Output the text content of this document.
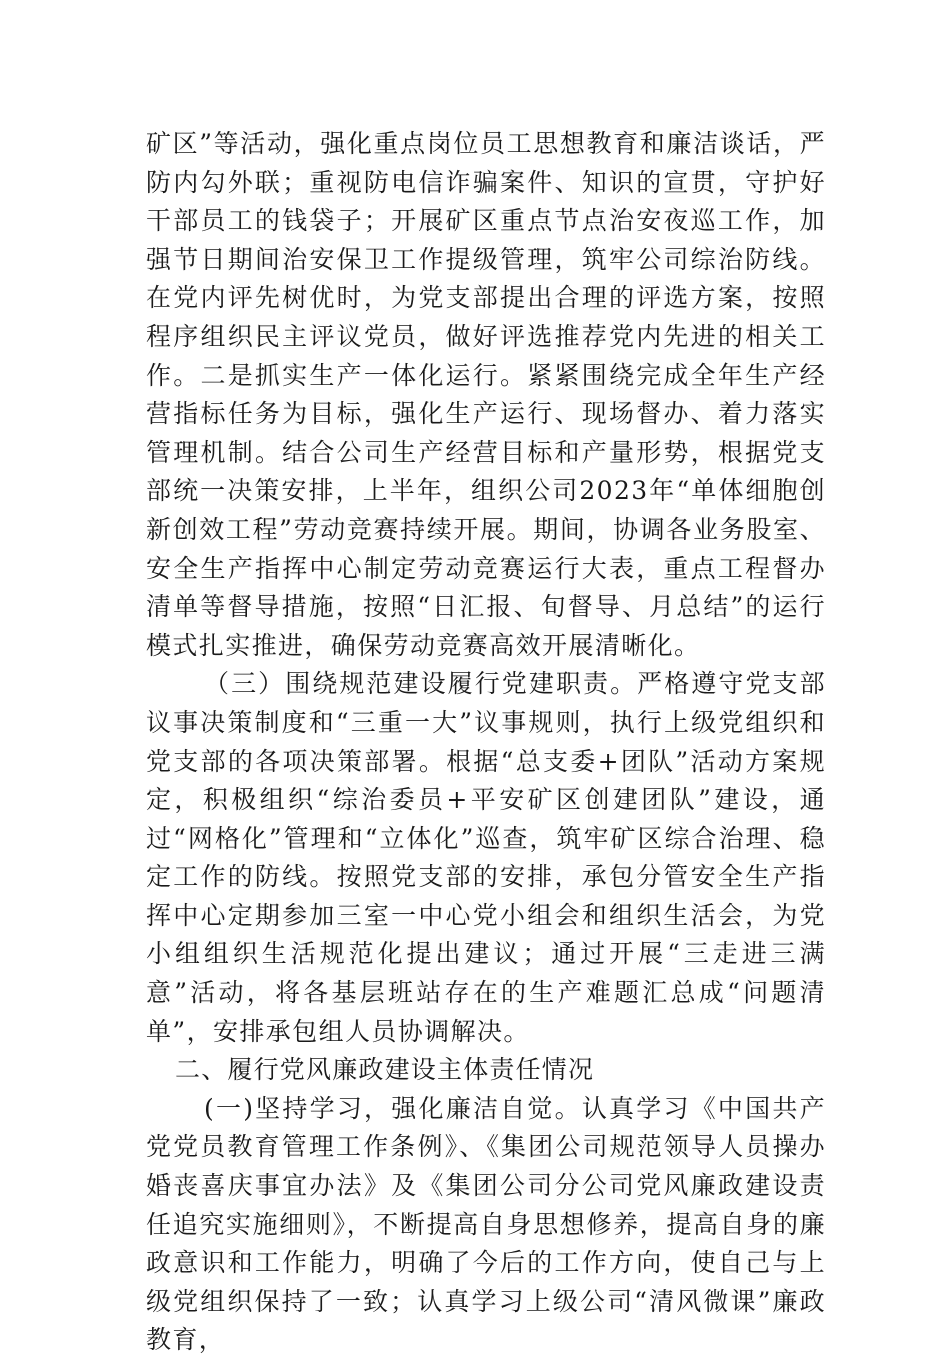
矿区”等活动，强化重点岗位员工思想教育和廉洁谈话，严防内勾外联；重视防电信诈骗案件、知识的宣贯，守护好干部员工的钱袋子；开展矿区重点节点治安夜巡工作，加强节日期间治安保卫工作提级管理，筑牢公司综治防线。在党内评先树优时，为党支部提出合理的评选方案，按照程序组织民主评议党员，做好评选推荐党内先进的相关工作。二是抓实生产一体化运行。紧紧围绕完成全年生产经营指标任务为目标，强化生产运行、现场督办、着力落实管理机制。结合公司生产经营目标和产量形势，根据党支部统一决策安排，上半年，组织公司2023年“单体细胞创新创效工程”劳动竞赛持续开展。期间，协调各业务股室、安全生产指挥中心制定劳动竞赛运行大表，重点工程督办清单等督导措施，按照“日汇报、旬督导、月总结”的运行模式扎实推进，确保劳动竞赛高效开展清晰化。

（三）围绕规范建设履行党建职责。严格遵守党支部议事决策制度和“三重一大”议事规则，执行上级党组织和党支部的各项决策部署。根据“总支委+团队”活动方案规定，积极组织“综治委员+平安矿区创建团队”建设，通过“网格化”管理和“立体化”巡查，筑牢矿区综合治理、稳定工作的防线。按照党支部的安排，承包分管安全生产指挥中心定期参加三室一中心党小组会和组织生活会，为党小组组织生活规范化提出建议；通过开展“三走进三满意”活动，将各基层班站存在的生产难题汇总成“问题清单”，安排承包组人员协调解决。

二、履行党风廉政建设主体责任情况

(一)坚持学习，强化廉洁自觉。认真学习《中国共产党党员教育管理工作条例》、《集团公司规范领导人员操办婚丧喜庆事宜办法》及《集团公司分公司党风廉政建设责任追究实施细则》，不断提高自身思想修养，提高自身的廉政意识和工作能力，明确了今后的工作方向，使自己与上级党组织保持了一致；认真学习上级公司“清风微课”廉政教育，
